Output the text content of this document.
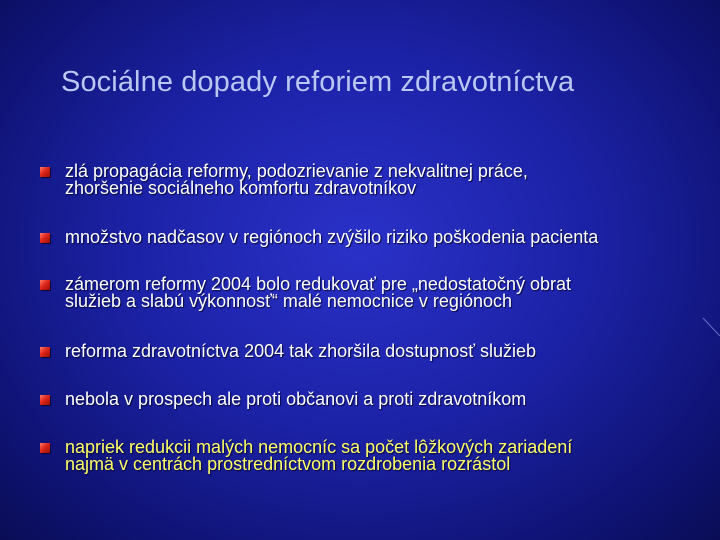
Sociálne dopady reforiem zdravotníctva
zlá propagácia reformy, podozrievanie z nekvalitnej práce,
zhoršenie sociálneho komfortu zdravotníkov
množstvo nadčasov v regiónoch zvýšilo riziko poškodenia pacienta
zámerom reformy 2004 bolo redukovať pre „nedostatočný obrat
služieb a slabú výkonnosť“ malé nemocnice v regiónoch
reforma zdravotníctva 2004 tak zhoršila dostupnosť služieb
nebola v prospech ale proti občanovi a proti zdravotníkom
napriek redukcii malých nemocníc sa počet lôžkových zariadení
najmä v centrách prostredníctvom rozdrobenia rozrástol
